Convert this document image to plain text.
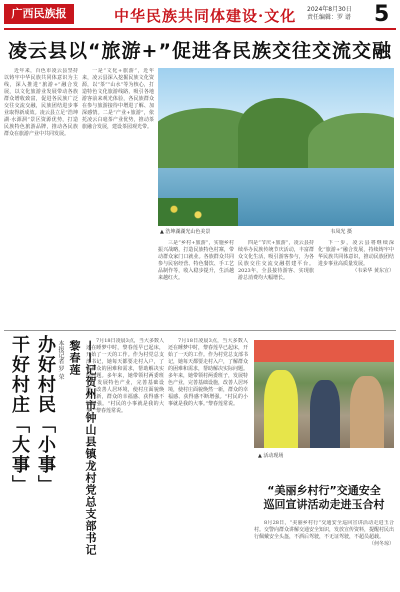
广西民族报	中华民族共同体建设·文化 2024年8月30日
责任编辑：罗 谱 5
凌云县以“旅游+”促进各民族交往交流交融

近年来，百色市凌云县坚持以铸牢中华民族共同体意识为主线，深入推进“旅游+”融合发展，以文化旅游业发展带动各族群众增收致富，促进各民族广泛交往交流交融，民族团结进步事业取得新成效。凌云县立足“浩坤湖·水源洞”景区资源优势，打造民族特色旅游品牌，推动各民族群众在旅游产业中共同发展。

一是“文化+旅游”，近年来，凌云县深入挖掘民族文化资源，以“茶”“山水”等为核心，打造特色文化旅游线路，吸引各地游客前来观光体验，各民族群众在参与旅游接待中增进了解、加深感情。二是“产业+旅游”，依托凌云白毫茶产业优势，推动茶旅融合发展，建设茶园观光带。

▲ 浩坤湖湖光山色美景	韦凤光 摄

三是“乡村+旅游”，实施乡村振兴战略，打造民族特色村寨，带动群众家门口就业。各族群众共同参与民宿经营、特色餐饮、手工艺品制作等，收入稳步提升，生活越来越红火。

四是“节庆+旅游”，凌云县持续举办民族传统节庆活动，丰富群众文化生活，吸引游客参与，为各民族交往交流交融搭建平台。2023年，全县接待游客、实现旅游总消费均大幅增长。

下一步，凌云县将继续深化“旅游+”融合发展，持续铸牢中华民族共同体意识，推动民族团结进步事业高质量发展。

（韦荣华 黄东宣）

办好村民「小事」
干好村庄「大事」	本报记者 罗 荣	——记贺州市钟山县镇龙村党总支部书记黎春莲	7月18日凌晨3点，当大多数人还在睡梦中时，黎春莲早已起床，开始了一天的工作。作为村党总支部书记，她每天都要走村入户，了解群众的困难和需求，帮助解决实际问题。多年来，她带领村两委班子，发展特色产业，完善基础设施，改善人居环境，使村庄面貌焕然一新，群众的幸福感、获得感不断增强。“村民的小事就是我的大事。”黎春莲常说。

7月18日凌晨3点，当大多数人还在睡梦中时，黎春莲早已起床，开始了一天的工作。作为村党总支部书记，她每天都要走村入户，了解群众的困难和需求，帮助解决实际问题。多年来，她带领村两委班子，发展特色产业，完善基础设施，改善人居环境，使村庄面貌焕然一新，群众的幸福感、获得感不断增强。“村民的小事就是我的大事。”黎春莲常说。

▲ 活动现场
“美丽乡村行”交通安全
巡回宣讲活动走进玉合村

8月28日，“美丽乡村行”交通安全巡回宣讲活动走进玉合村。交警向群众讲解交通安全知识，发放宣传资料，提醒村民出行佩戴安全头盔，不酒后驾驶，不无证驾驶，不超员超载。

（何冬琼）
